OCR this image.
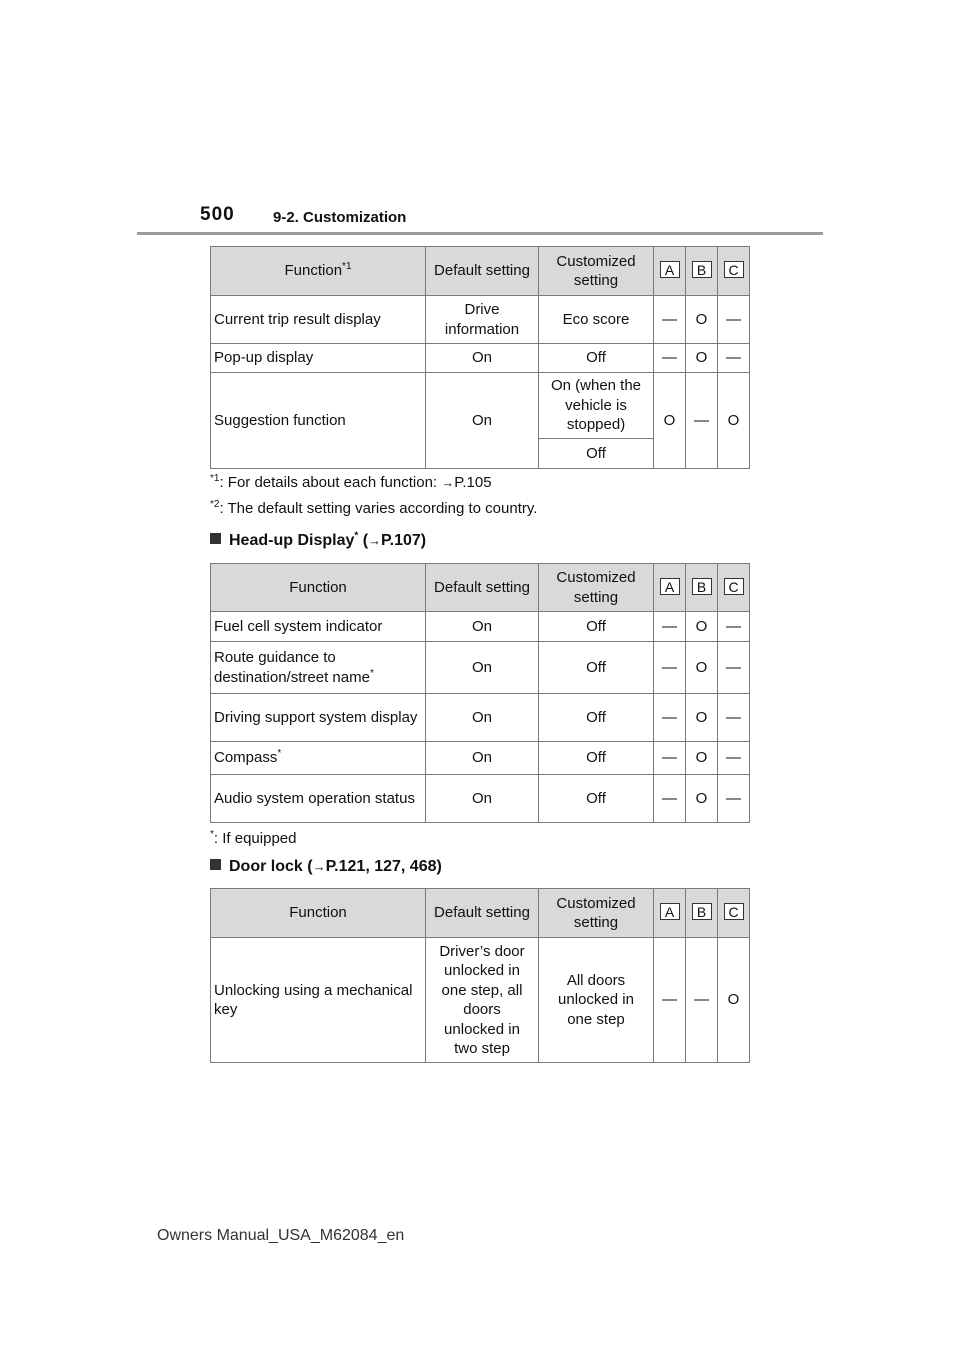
500	9-2. Customization
Function$^{*1}$	Default setting	Customized setting	A	B	C
Current trip result display	Drive information	Eco score	—	O	—
Pop-up display	On	Off	—	O	—
Suggestion function	On	On (when the vehicle is stopped)	O	—	O
		Off			
$^{*1}$: For details about each function: →P.105
$^{*2}$: The default setting varies according to country.
Head-up Display* (→P.107)
Function	Default setting	Customized setting	A	B	C
Fuel cell system indicator	On	Off	—	O	—
Route guidance to destination/street name*	On	Off	—	O	—
Driving support system display	On	Off	—	O	—
Compass*	On	Off	—	O	—
Audio system operation status	On	Off	—	O	—
*: If equipped
Door lock (→P.121, 127, 468)
Function	Default setting	Customized setting	A	B	C
Unlocking using a mechanical key	Driver’s door unlocked in one step, all doors unlocked in two step	All doors unlocked in one step	—	—	O
Owners Manual_USA_M62084_en
